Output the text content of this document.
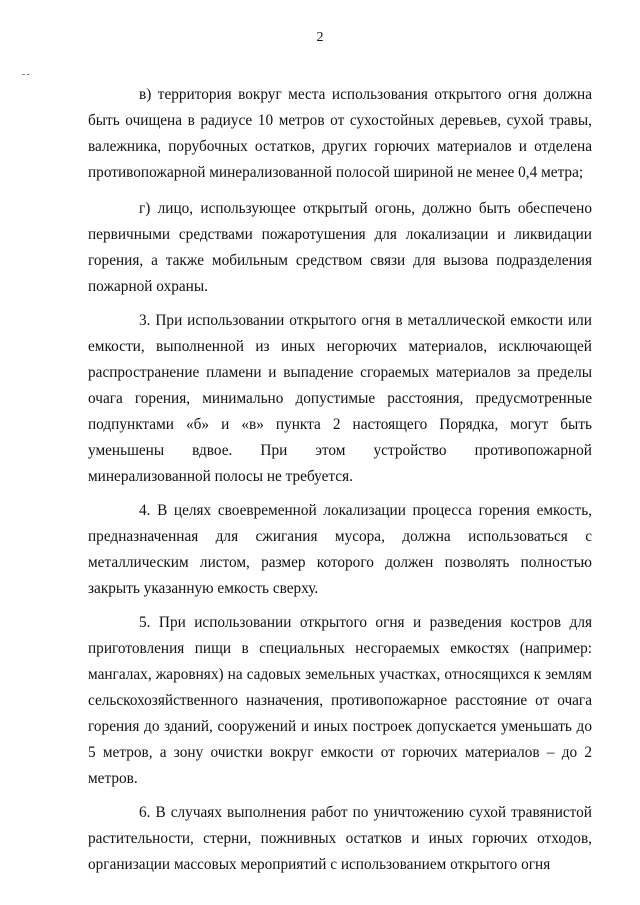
2
--

в) территория вокруг места использования открытого огня должна быть очищена в радиусе 10 метров от сухостойных деревьев, сухой травы, валежника, порубочных остатков, других горючих материалов и отделена противопожарной минерализованной полосой шириной не менее 0,4 метра;

г) лицо, использующее открытый огонь, должно быть обеспечено первичными средствами пожаротушения для локализации и ликвидации горения, а также мобильным средством связи для вызова подразделения пожарной охраны.

3. При использовании открытого огня в металлической емкости или емкости, выполненной из иных негорючих материалов, исключающей распространение пламени и выпадение сгораемых материалов за пределы очага горения, минимально допустимые расстояния, предусмотренные подпунктами «б» и «в» пункта 2 настоящего Порядка, могут быть уменьшены вдвое. При этом устройство противопожарной минерализованной полосы не требуется.

4. В целях своевременной локализации процесса горения емкость, предназначенная для сжигания мусора, должна использоваться с металлическим листом, размер которого должен позволять полностью закрыть указанную емкость сверху.

5. При использовании открытого огня и разведения костров для приготовления пищи в специальных несгораемых емкостях (например: мангалах, жаровнях) на садовых земельных участках, относящихся к землям сельскохозяйственного назначения, противопожарное расстояние от очага горения до зданий, сооружений и иных построек допускается уменьшать до 5 метров, а зону очистки вокруг емкости от горючих материалов – до 2 метров.

6. В случаях выполнения работ по уничтожению сухой травянистой растительности, стерни, пожнивных остатков и иных горючих отходов, организации массовых мероприятий с использованием открытого огня
